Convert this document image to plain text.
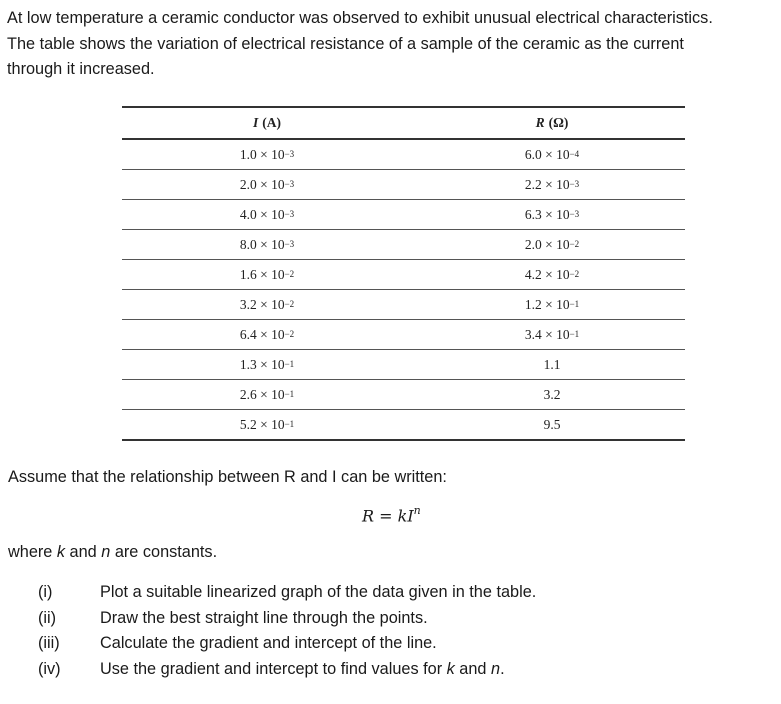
At low temperature a ceramic conductor was observed to exhibit unusual electrical characteristics.
The table shows the variation of electrical resistance of a sample of the ceramic as the current
through it increased.

I (A)	R (Ω)
$1.0 \times 10^{-3}$	$6.0 \times 10^{-4}$
$2.0 \times 10^{-3}$	$2.2 \times 10^{-3}$
$4.0 \times 10^{-3}$	$6.3 \times 10^{-3}$
$8.0 \times 10^{-3}$	$2.0 \times 10^{-2}$
$1.6 \times 10^{-2}$	$4.2 \times 10^{-2}$
$3.2 \times 10^{-2}$	$1.2 \times 10^{-1}$
$6.4 \times 10^{-2}$	$3.4 \times 10^{-1}$
$1.3 \times 10^{-1}$	1.1
$2.6 \times 10^{-1}$	3.2
$5.2 \times 10^{-1}$	9.5

Assume that the relationship between R and I can be written:

$R = kI^n$

where k and n are constants.

(i)	Plot a suitable linearized graph of the data given in the table.
(ii)	Draw the best straight line through the points.
(iii) Calculate the gradient and intercept of the line.
(iv) Use the gradient and intercept to find values for k and n.
